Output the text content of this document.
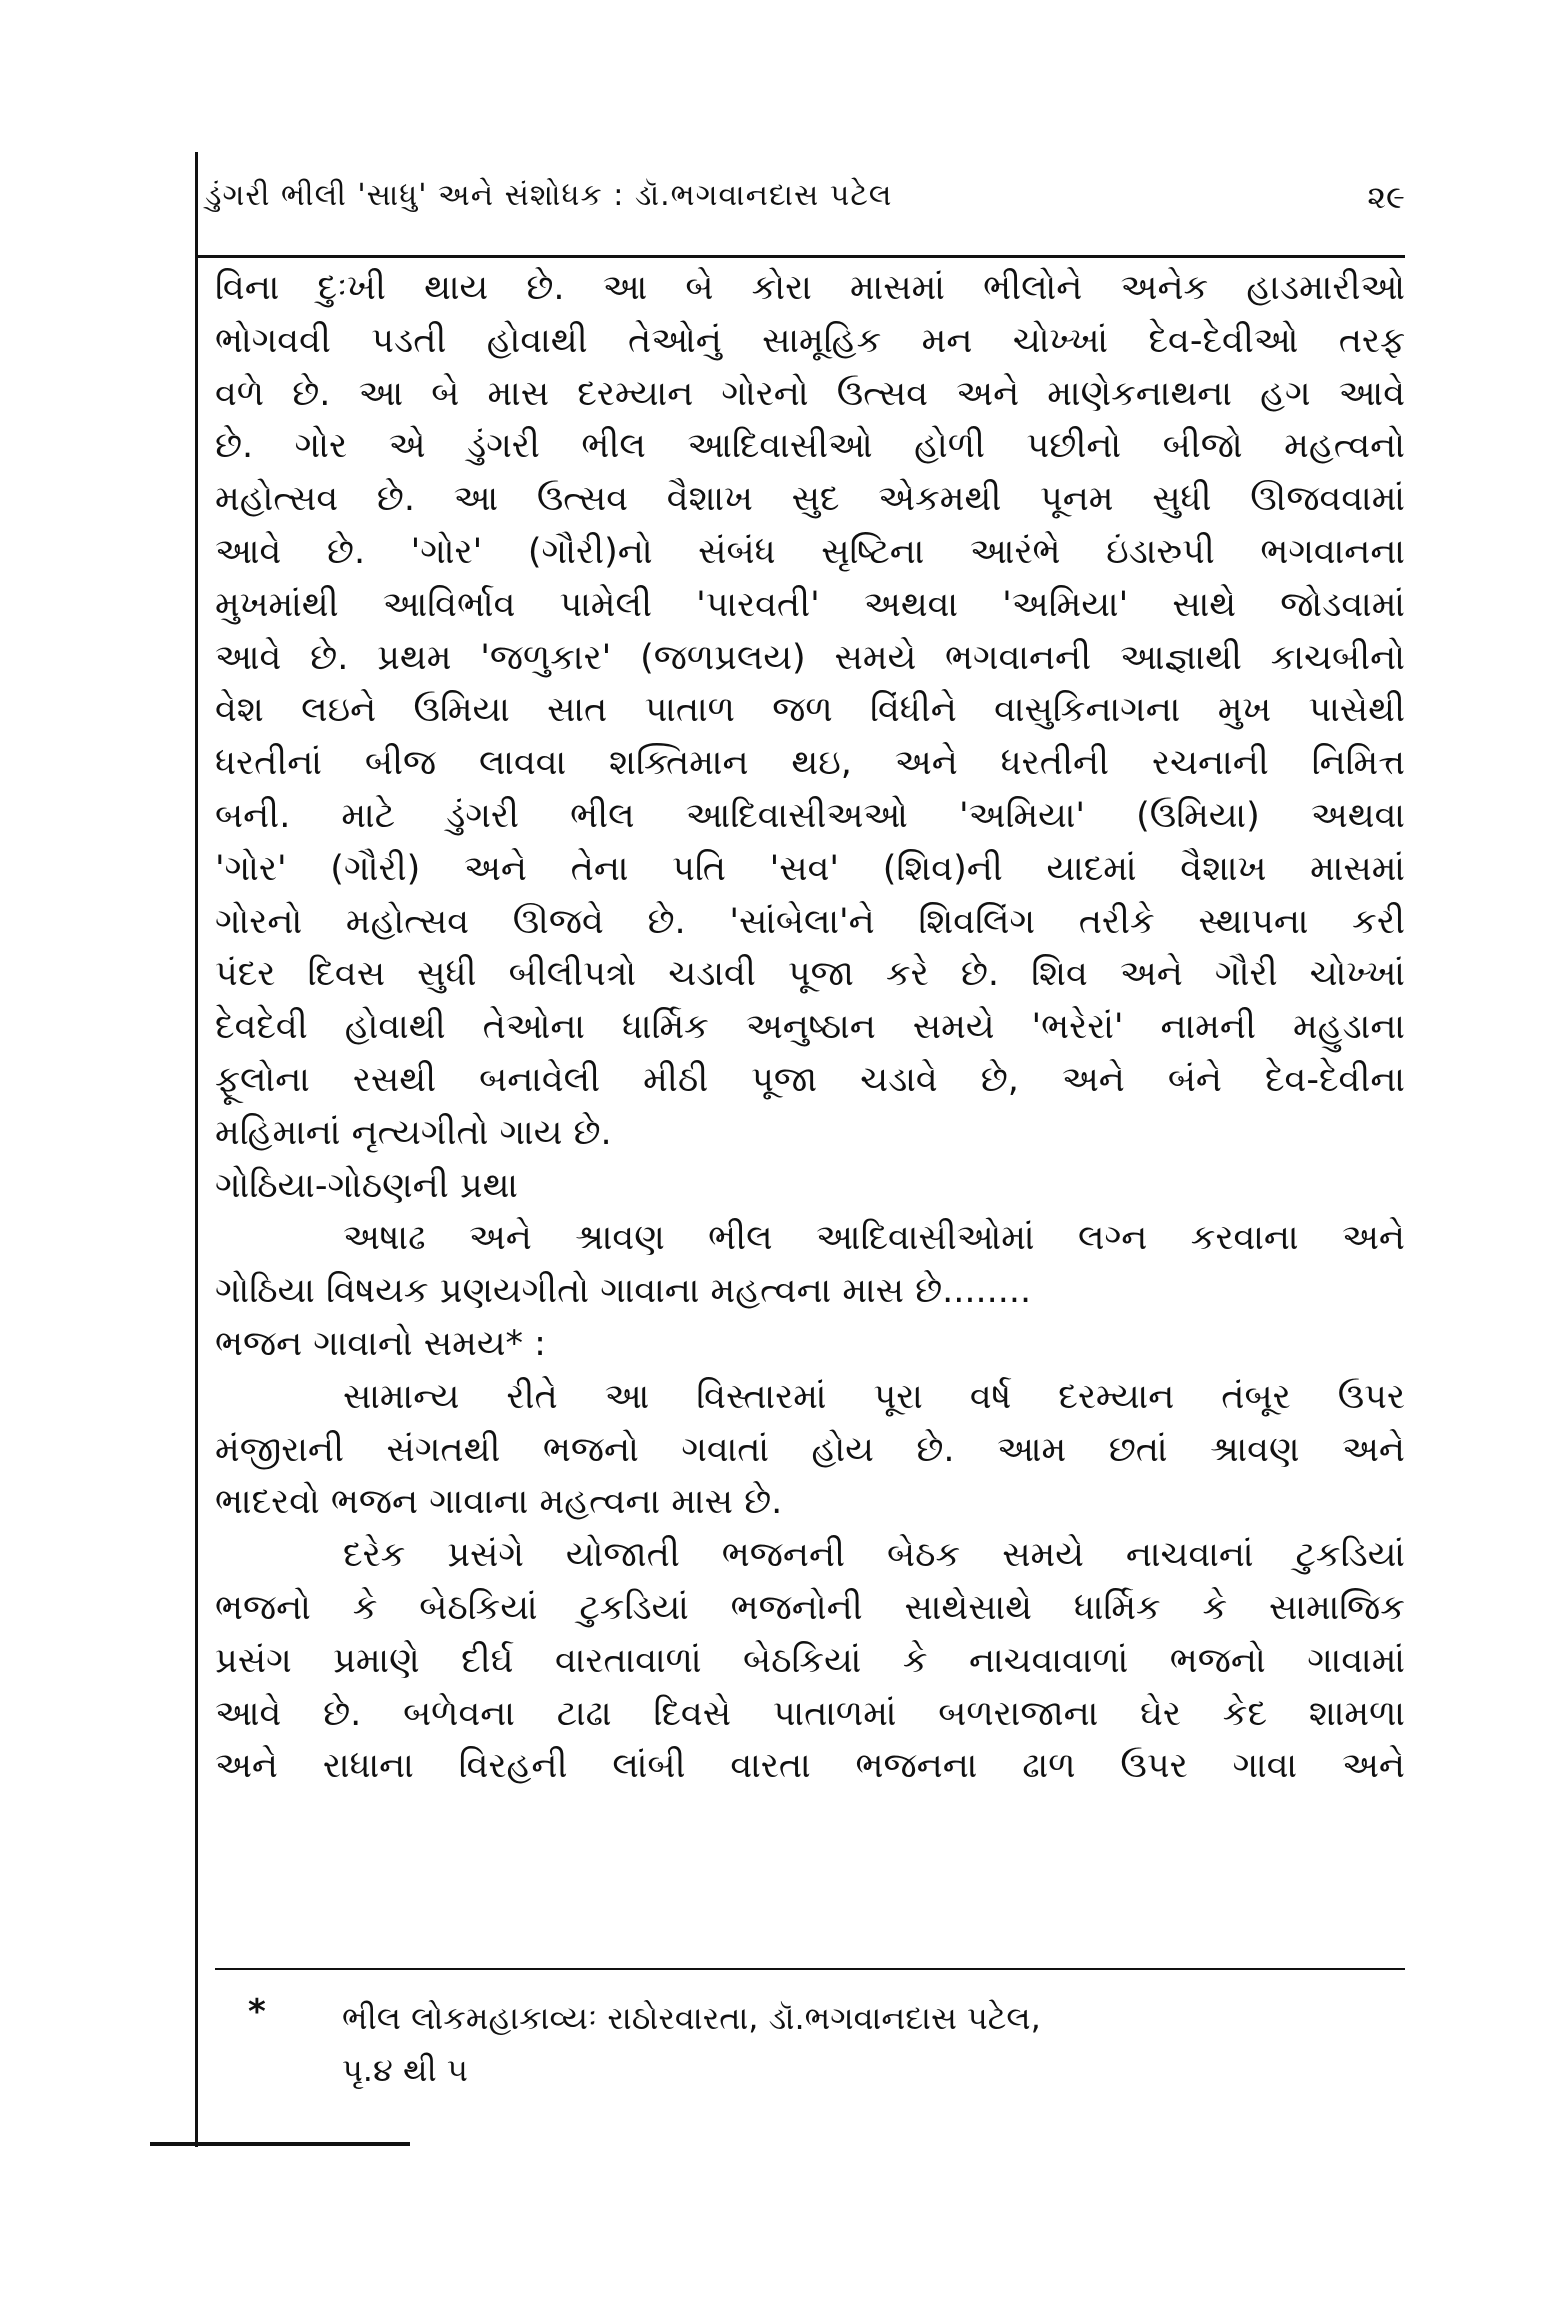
ડુંગરી ભીલી 'સાધુ' અને સંશોધક : ડૉ.ભગવાનદાસ પટેલ	૨૯
વિના દુઃખી થાય છે. આ બે કોરા માસમાં ભીલોને અનેક હાડમારીઓ
ભોગવવી પડતી હોવાથી તેઓનું સામૂહિક મન ચોખ્ખાં દેવ-દેવીઓ તરફ
વળે છે. આ બે માસ દરમ્યાન ગોરનો ઉત્સવ અને માણેકનાથના હગ આવે
છે. ગોર એ ડુંગરી ભીલ આદિવાસીઓ હોળી પછીનો બીજો મહત્વનો
મહોત્સવ છે. આ ઉત્સવ વૈશાખ સુદ એકમથી પૂનમ સુધી ઊજવવામાં
આવે છે. 'ગોર' (ગૌરી)નો સંબંધ સૃષ્ટિના આરંભે ઇંડારુપી ભગવાનના
મુખમાંથી આવિર્ભાવ પામેલી 'પારવતી' અથવા 'અમિયા' સાથે જોડવામાં
આવે છે. પ્રથમ 'જળુકાર' (જળપ્રલય) સમયે ભગવાનની આજ્ઞાથી કાચબીનો
વેશ લઇને ઉમિયા સાત પાતાળ જળ વિંધીને વાસુકિનાગના મુખ પાસેથી
ધરતીનાં બીજ લાવવા શક્તિમાન થઇ, અને ધરતીની રચનાની નિમિત્ત
બની. માટે ડુંગરી ભીલ આદિવાસીઅઓ 'અમિયા' (ઉમિયા) અથવા
'ગોર' (ગૌરી) અને તેના પતિ 'સવ' (શિવ)ની યાદમાં વૈશાખ માસમાં
ગોરનો મહોત્સવ ઊજવે છે. 'સાંબેલા'ને શિવલિંગ તરીકે સ્થાપના કરી
પંદર દિવસ સુધી બીલીપત્રો ચડાવી પૂજા કરે છે. શિવ અને ગૌરી ચોખ્ખાં
દેવદેવી હોવાથી તેઓના ધાર્મિક અનુષ્ઠાન સમયે 'ભરેરાં' નામની મહુડાના
ફૂલોના રસથી બનાવેલી મીઠી પૂજા ચડાવે છે, અને બંને દેવ-દેવીના
મહિમાનાં નૃત્યગીતો ગાય છે.
ગોઠિયા-ગોઠણની પ્રથા
અષાઢ અને શ્રાવણ ભીલ આદિવાસીઓમાં લગ્ન કરવાના અને
ગોઠિયા વિષયક પ્રણયગીતો ગાવાના મહત્વના માસ છે........
ભજન ગાવાનો સમય* :
સામાન્ય રીતે આ વિસ્તારમાં પૂરા વર્ષ દરમ્યાન તંબૂર ઉપર
મંજીરાની સંગતથી ભજનો ગવાતાં હોય છે. આમ છતાં શ્રાવણ અને
ભાદરવો ભજન ગાવાના મહત્વના માસ છે.
દરેક પ્રસંગે યોજાતી ભજનની બેઠક સમયે નાચવાનાં ટુકડિયાં
ભજનો કે બેઠકિયાં ટુકડિયાં ભજનોની સાથેસાથે ધાર્મિક કે સામાજિક
પ્રસંગ પ્રમાણે દીર્ઘ વારતાવાળાં બેઠકિયાં કે નાચવાવાળાં ભજનો ગાવામાં
આવે છે. બળેવના ટાઢા દિવસે પાતાળમાં બળરાજાના ઘેર કેદ શામળા
અને રાધાના વિરહની લાંબી વારતા ભજનના ઢાળ ઉપર ગાવા અને
* ભીલ લોકમહાકાવ્યઃ રાઠોરવારતા, ડૉ.ભગવાનદાસ પટેલ,
પૃ.૪ થી ૫
